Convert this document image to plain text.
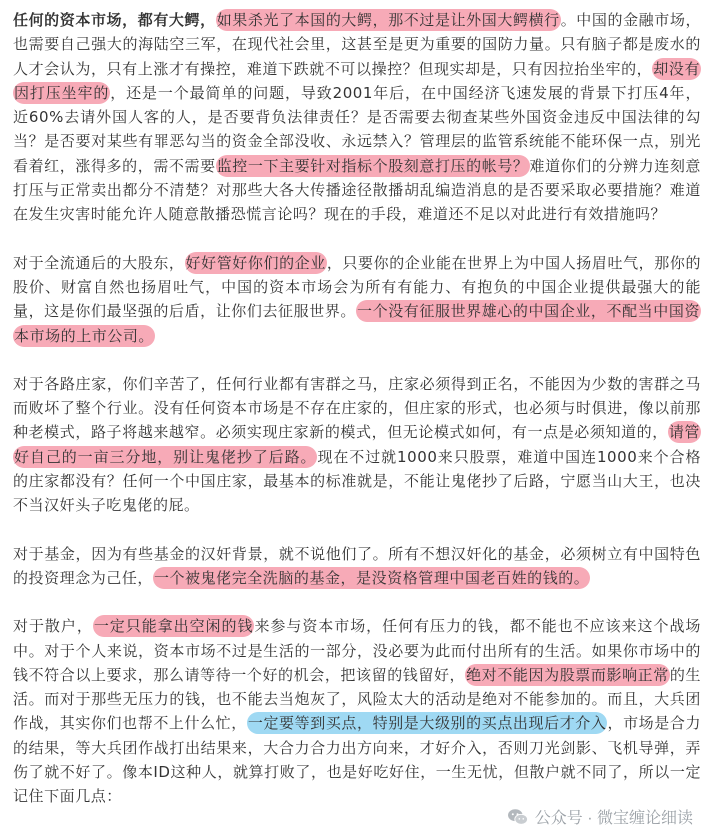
任何的资本市场，都有大鳄，如果杀光了本国的大鳄，那不过是让外国大鳄横行。中国的金融市场，也需要自己强大的海陆空三军，在现代社会里，这甚至是更为重要的国防力量。只有脑子都是废水的人才会认为，只有上涨才有操控，难道下跌就不可以操控？但现实却是，只有因拉抬坐牢的，却没有因打压坐牢的，还是一个最简单的问题，导致2001年后，在中国经济飞速发展的背景下打压4年，近60%去请外国人客的人，是否要背负法律责任？是否需要去彻查某些外国资金违反中国法律的勾当？是否要对某些有罪恶勾当的资金全部没收、永远禁入？管理层的监管系统能不能环保一点，别光看着红，涨得多的，需不需要监控一下主要针对指标个股刻意打压的帐号？难道你们的分辨力连刻意打压与正常卖出都分不清楚？对那些大各大传播途径散播胡乱编造消息的是否要采取必要措施？难道在发生灾害时能允许人随意散播恐慌言论吗？现在的手段，难道还不足以对此进行有效措施吗？

对于全流通后的大股东，好好管好你们的企业，只要你的企业能在世界上为中国人扬眉吐气，那你的股价、财富自然也扬眉吐气，中国的资本市场会为所有有能力、有抱负的中国企业提供最强大的能量，这是你们最坚强的后盾，让你们去征服世界。一个没有征服世界雄心的中国企业，不配当中国资本市场的上市公司。

对于各路庄家，你们辛苦了，任何行业都有害群之马，庄家必须得到正名，不能因为少数的害群之马而败坏了整个行业。没有任何资本市场是不存在庄家的，但庄家的形式，也必须与时俱进，像以前那种老模式，路子将越来越窄。必须实现庄家新的模式，但无论模式如何，有一点是必须知道的，请管好自己的一亩三分地，别让鬼佬抄了后路。现在不过就1000来只股票，难道中国连1000来个合格的庄家都没有？任何一个中国庄家，最基本的标准就是，不能让鬼佬抄了后路，宁愿当山大王，也决不当汉奸头子吃鬼佬的屁。

对于基金，因为有些基金的汉奸背景，就不说他们了。所有不想汉奸化的基金，必须树立有中国特色的投资理念为己任，一个被鬼佬完全洗脑的基金，是没资格管理中国老百姓的钱的。

对于散户，一定只能拿出空闲的钱来参与资本市场，任何有压力的钱，都不能也不应该来这个战场中。对于个人来说，资本市场不过是生活的一部分，没必要为此而付出所有的生活。如果你市场中的钱不符合以上要求，那么请等待一个好的机会，把该留的钱留好，绝对不能因为股票而影响正常的生活。而对于那些无压力的钱，也不能去当炮灰了，风险太大的活动是绝对不能参加的。而且，大兵团作战，其实你们也帮不上什么忙，一定要等到买点，特别是大级别的买点出现后才介入，市场是合力的结果，等大兵团作战打出结果来，大合力合力出方向来，才好介入，否则刀光剑影、飞机导弹，弄伤了就不好了。像本ID这种人，就算打败了，也是好吃好住，一生无忧，但散户就不同了，所以一定记住下面几点：

公众号 · 微宝缠论细读
